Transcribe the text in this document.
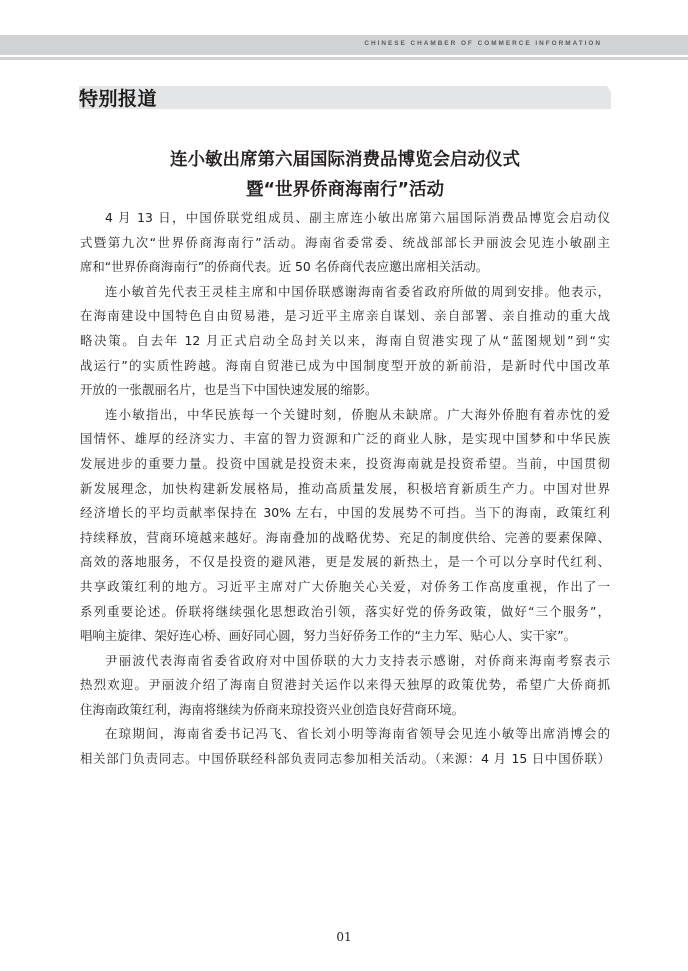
CHINESE CHAMBER OF COMMERCE INFORMATION
特别报道
连小敏出席第六届国际消费品博览会启动仪式
暨“世界侨商海南行”活动
4 月 13 日，中国侨联党组成员、副主席连小敏出席第六届国际消费品博览会启动仪
式暨第九次“世界侨商海南行”活动。海南省委常委、统战部部长尹丽波会见连小敏副主
席和“世界侨商海南行”的侨商代表。近 50 名侨商代表应邀出席相关活动。
连小敏首先代表王灵桂主席和中国侨联感谢海南省委省政府所做的周到安排。他表示，
在海南建设中国特色自由贸易港，是习近平主席亲自谋划、亲自部署、亲自推动的重大战
略决策。自去年 12 月正式启动全岛封关以来，海南自贸港实现了从“蓝图规划”到“实
战运行”的实质性跨越。海南自贸港已成为中国制度型开放的新前沿，是新时代中国改革
开放的一张靓丽名片，也是当下中国快速发展的缩影。
连小敏指出，中华民族每一个关键时刻，侨胞从未缺席。广大海外侨胞有着赤忱的爱
国情怀、雄厚的经济实力、丰富的智力资源和广泛的商业人脉，是实现中国梦和中华民族
发展进步的重要力量。投资中国就是投资未来，投资海南就是投资希望。当前，中国贯彻
新发展理念，加快构建新发展格局，推动高质量发展，积极培育新质生产力。中国对世界
经济增长的平均贡献率保持在 30% 左右，中国的发展势不可挡。当下的海南，政策红利
持续释放，营商环境越来越好。海南叠加的战略优势、充足的制度供给、完善的要素保障、
高效的落地服务，不仅是投资的避风港，更是发展的新热土，是一个可以分享时代红利、
共享政策红利的地方。习近平主席对广大侨胞关心关爱，对侨务工作高度重视，作出了一
系列重要论述。侨联将继续强化思想政治引领，落实好党的侨务政策，做好“三个服务”，
唱响主旋律、架好连心桥、画好同心圆，努力当好侨务工作的“主力军、贴心人、实干家”。
尹丽波代表海南省委省政府对中国侨联的大力支持表示感谢，对侨商来海南考察表示
热烈欢迎。尹丽波介绍了海南自贸港封关运作以来得天独厚的政策优势，希望广大侨商抓
住海南政策红利，海南将继续为侨商来琼投资兴业创造良好营商环境。
在琼期间，海南省委书记冯飞、省长刘小明等海南省领导会见连小敏等出席消博会的
相关部门负责同志。中国侨联经科部负责同志参加相关活动。（来源：4 月 15 日中国侨联）
01
